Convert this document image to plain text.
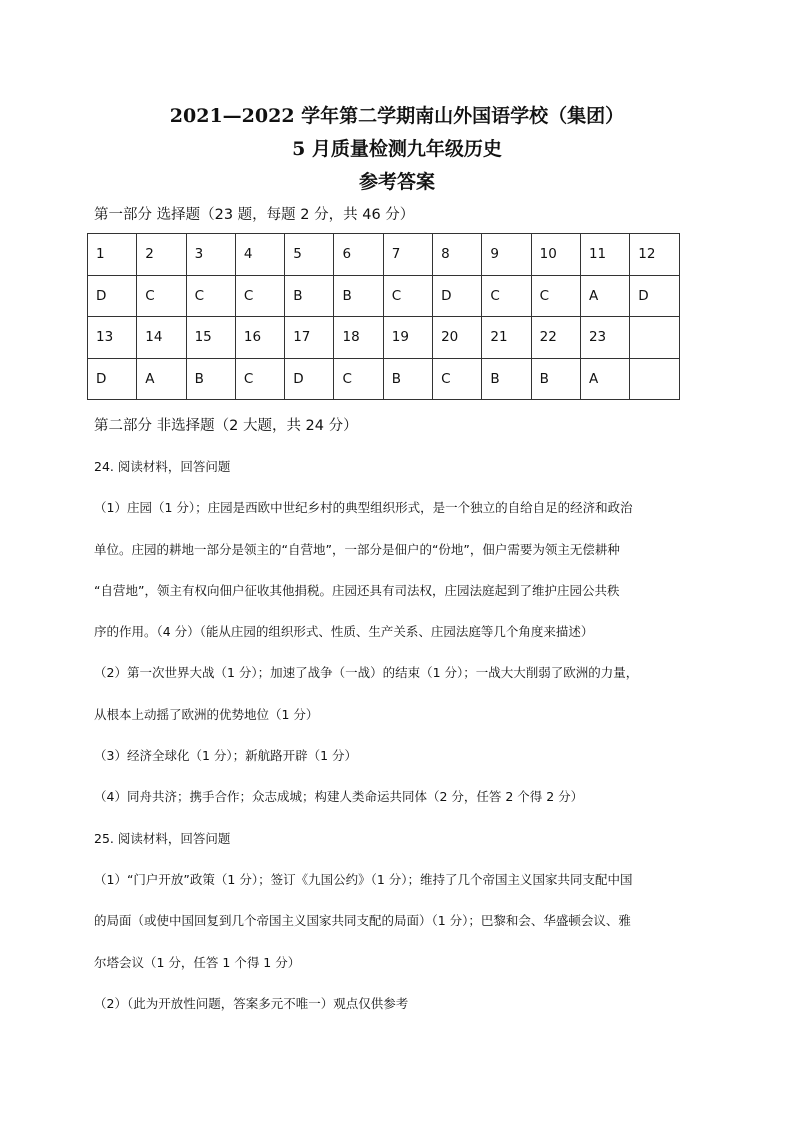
2021—2022 学年第二学期南山外国语学校（集团）
5 月质量检测九年级历史
参考答案
第一部分 选择题（23 题，每题 2 分，共 46 分）
1	2	3	4	5	6	7	8	9	10	11	12
D	C	C	C	B	B	C	D	C	C	A	D
13	14	15	16	17	18	19	20	21	22	23	
D	A	B	C	D	C	B	C	B	B	A	
第二部分 非选择题（2 大题，共 24 分）
24. 阅读材料，回答问题
（1）庄园（1 分）；庄园是西欧中世纪乡村的典型组织形式，是一个独立的自给自足的经济和政治
单位。庄园的耕地一部分是领主的“自营地”，一部分是佃户的“份地”，佃户需要为领主无偿耕种
“自营地”，领主有权向佃户征收其他捐税。庄园还具有司法权，庄园法庭起到了维护庄园公共秩
序的作用。（4 分）（能从庄园的组织形式、性质、生产关系、庄园法庭等几个角度来描述）
（2）第一次世界大战（1 分）；加速了战争（一战）的结束（1 分）；一战大大削弱了欧洲的力量，
从根本上动摇了欧洲的优势地位（1 分）
（3）经济全球化（1 分）；新航路开辟（1 分）
（4）同舟共济；携手合作；众志成城；构建人类命运共同体（2 分，任答 2 个得 2 分）
25. 阅读材料，回答问题
（1）“门户开放”政策（1 分）；签订《九国公约》（1 分）；维持了几个帝国主义国家共同支配中国
的局面（或使中国回复到几个帝国主义国家共同支配的局面）（1 分）；巴黎和会、华盛顿会议、雅
尔塔会议（1 分，任答 1 个得 1 分）
（2）（此为开放性问题，答案多元不唯一）观点仅供参考
